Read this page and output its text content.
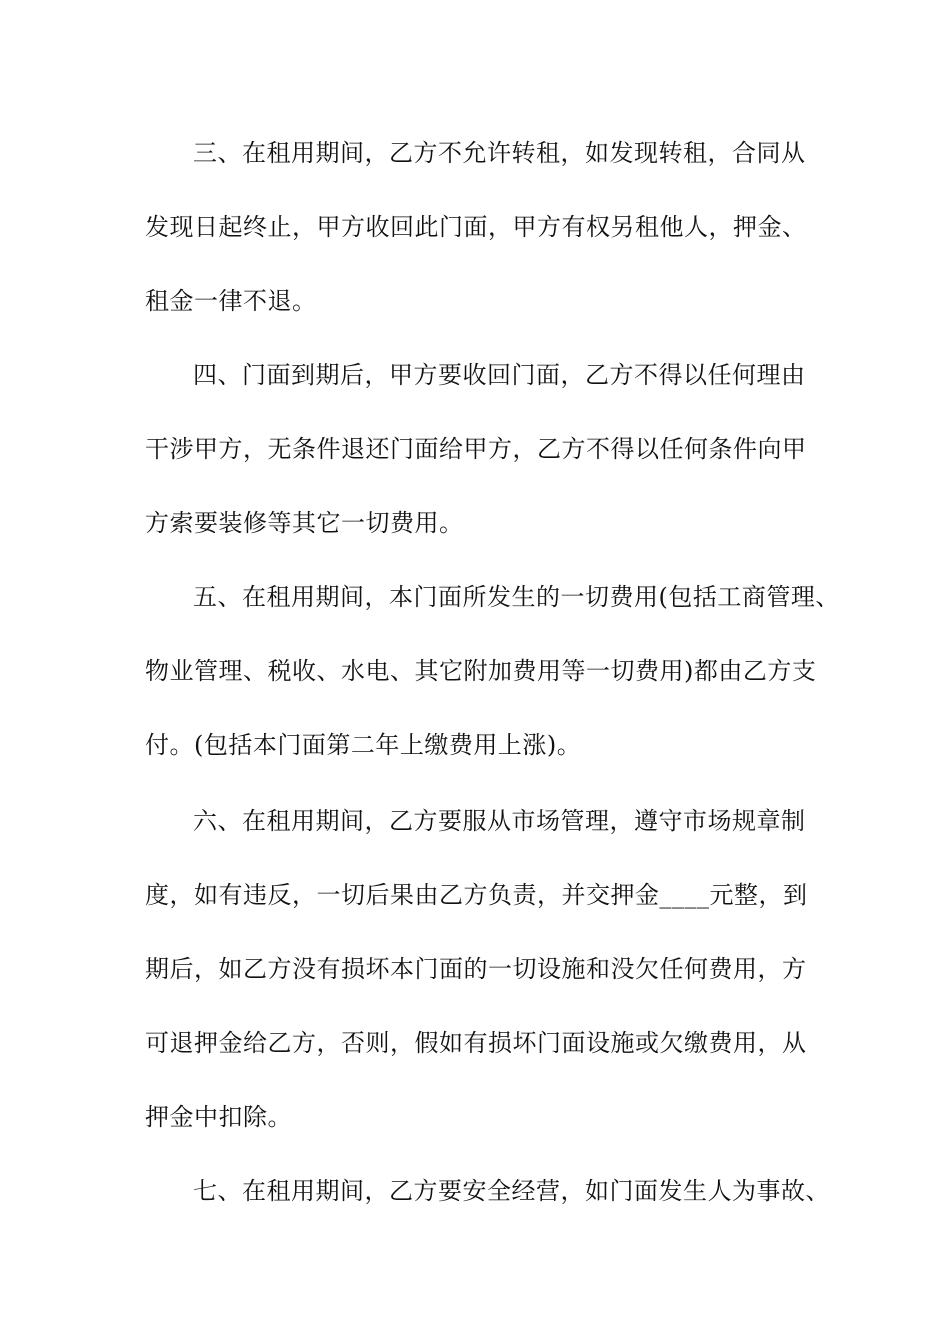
三、在租用期间，乙方不允许转租，如发现转租，合同从
发现日起终止，甲方收回此门面，甲方有权另租他人，押金、
租金一律不退。
四、门面到期后，甲方要收回门面，乙方不得以任何理由
干涉甲方，无条件退还门面给甲方，乙方不得以任何条件向甲
方索要装修等其它一切费用。
五、在租用期间，本门面所发生的一切费用(包括工商管理、
物业管理、税收、水电、其它附加费用等一切费用)都由乙方支
付。(包括本门面第二年上缴费用上涨)。
六、在租用期间，乙方要服从市场管理，遵守市场规章制
度，如有违反，一切后果由乙方负责，并交押金____元整，到
期后，如乙方没有损坏本门面的一切设施和没欠任何费用，方
可退押金给乙方，否则，假如有损坏门面设施或欠缴费用，从
押金中扣除。
七、在租用期间，乙方要安全经营，如门面发生人为事故、
